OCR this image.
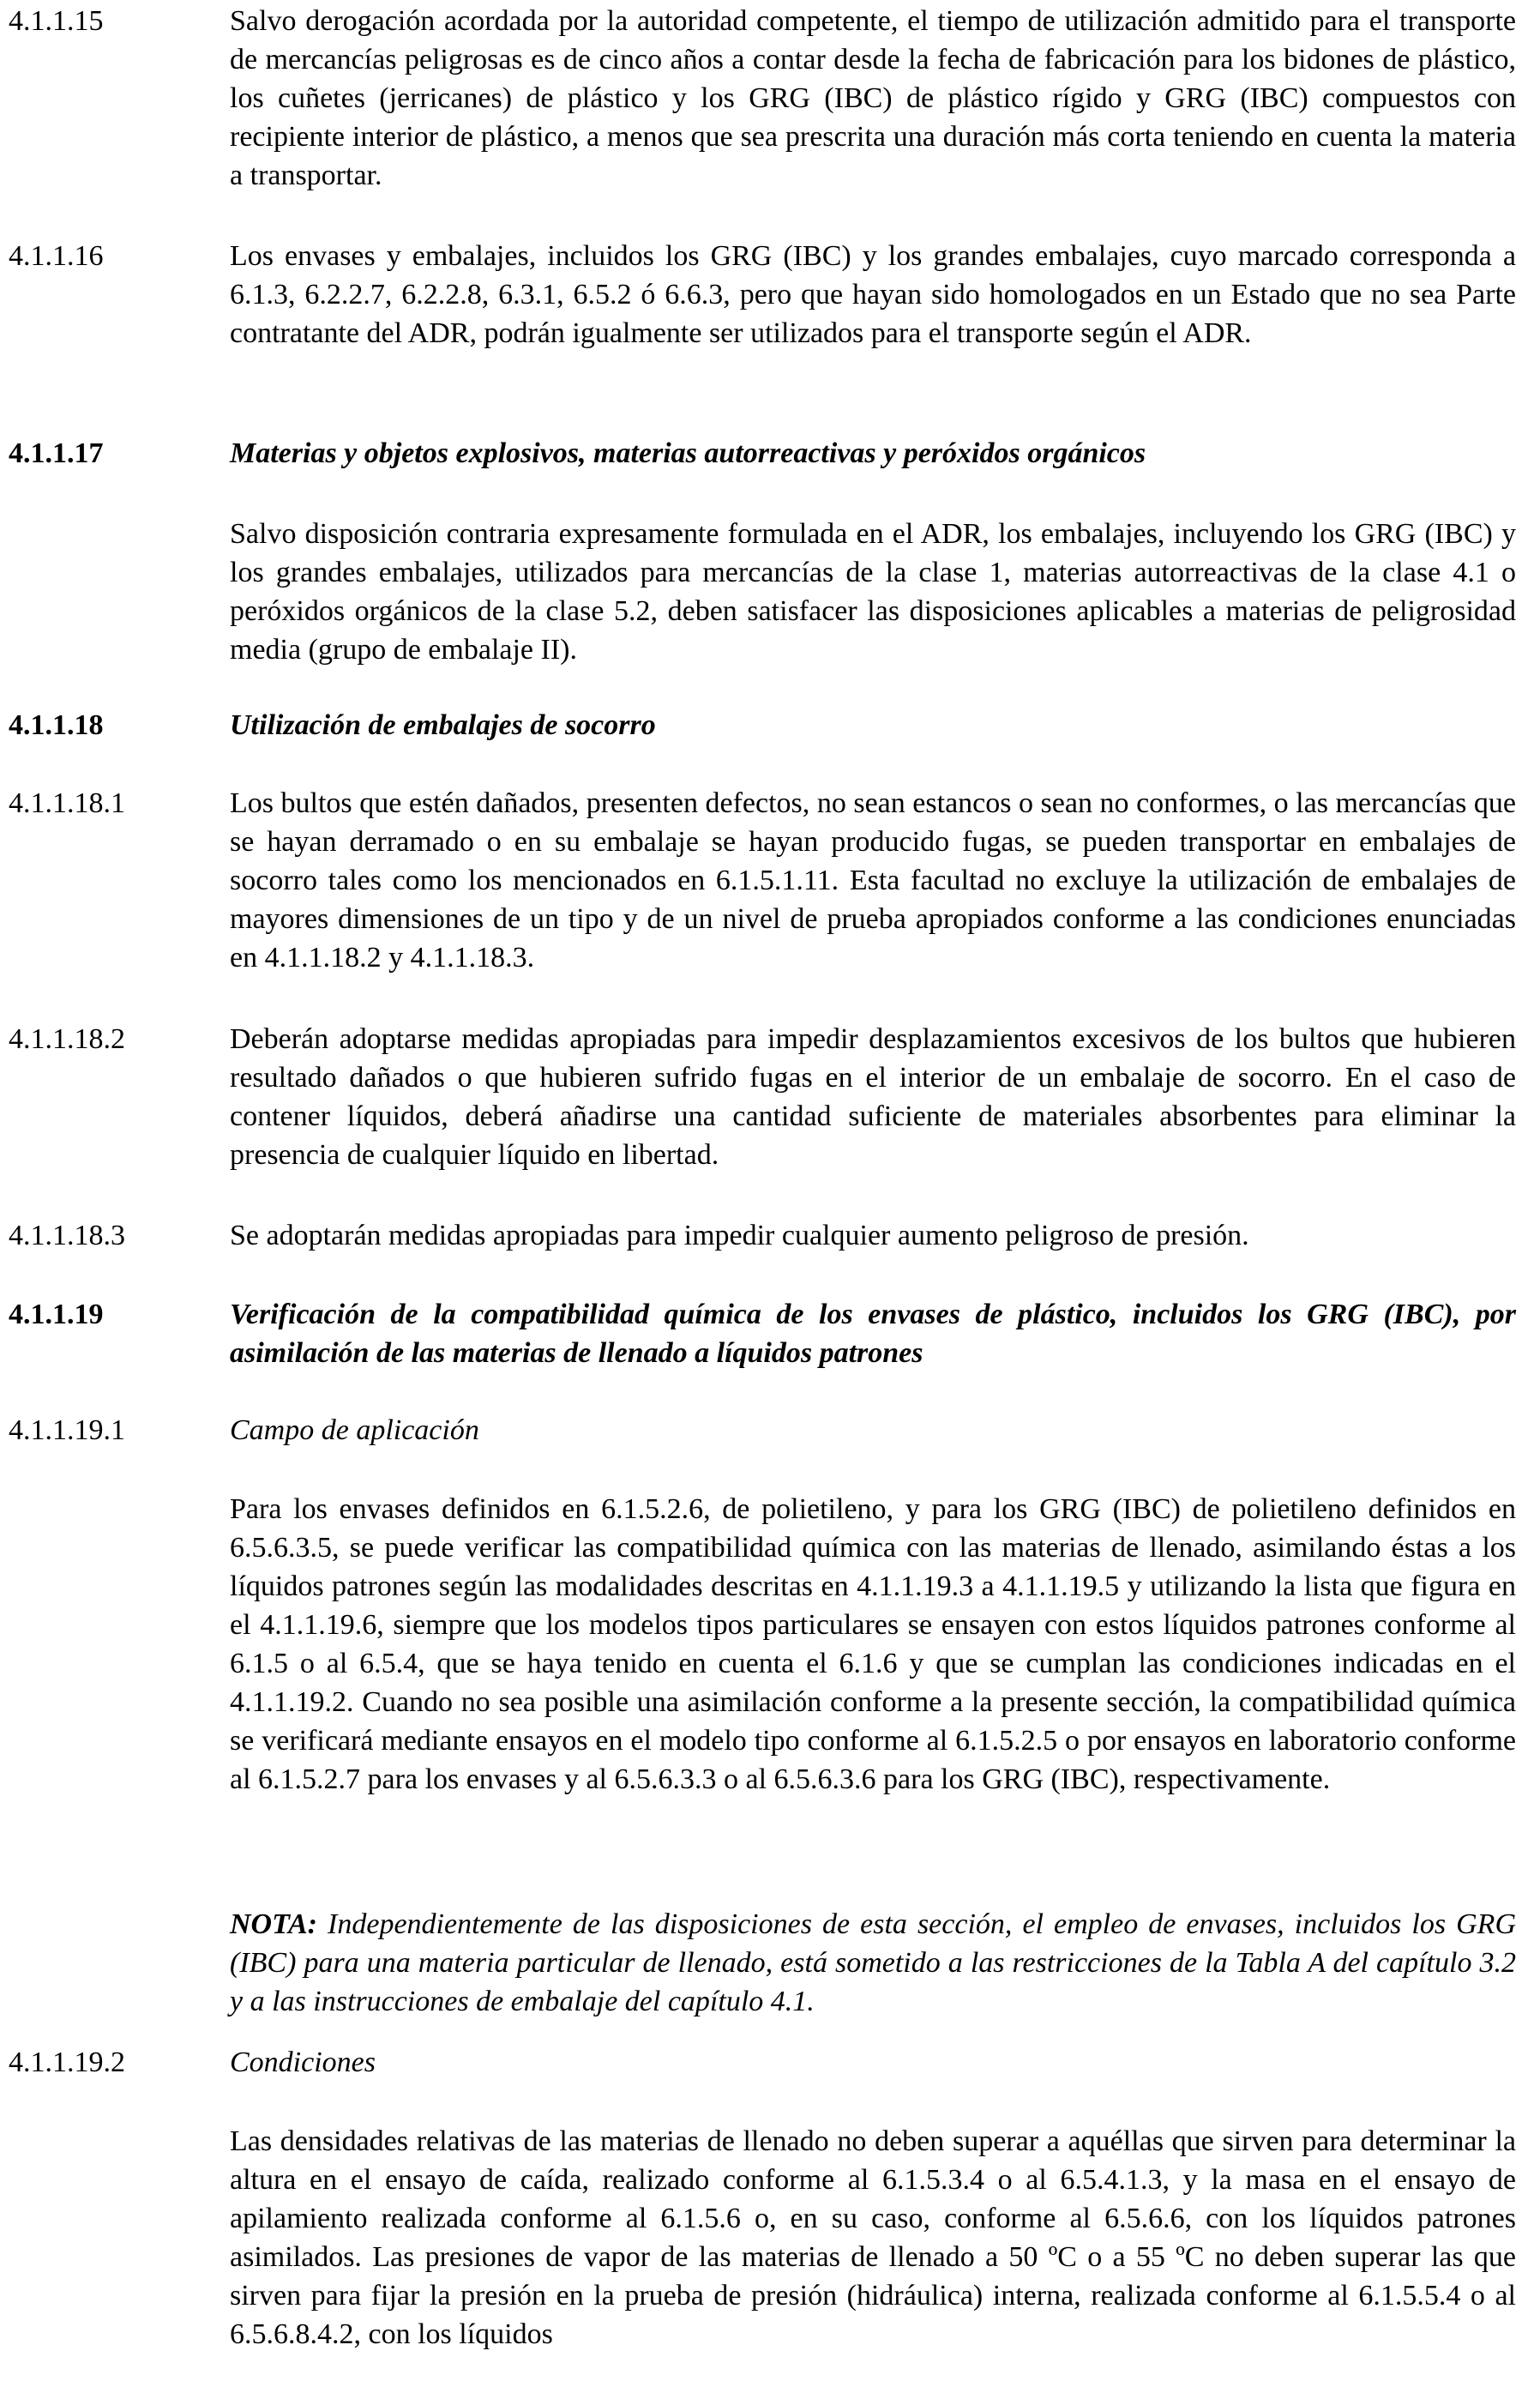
4.1.1.15	Salvo derogación acordada por la autoridad competente, el tiempo de utilización admitido para el transporte de mercancías peligrosas es de cinco años a contar desde la fecha de fabricación para los bidones de plástico, los cuñetes (jerricanes) de plástico y los GRG (IBC) de plástico rígido y GRG (IBC) compuestos con recipiente interior de plástico, a menos que sea prescrita una duración más corta teniendo en cuenta la materia a transportar.
4.1.1.16	Los envases y embalajes, incluidos los GRG (IBC) y los grandes embalajes, cuyo marcado corresponda a 6.1.3, 6.2.2.7, 6.2.2.8, 6.3.1, 6.5.2 ó 6.6.3, pero que hayan sido homologados en un Estado que no sea Parte contratante del ADR, podrán igualmente ser utilizados para el transporte según el ADR.
4.1.1.17	Materias y objetos explosivos, materias autorreactivas y peróxidos orgánicos
Salvo disposición contraria expresamente formulada en el ADR, los embalajes, incluyendo los GRG (IBC) y los grandes embalajes, utilizados para mercancías de la clase 1, materias autorreactivas de la clase 4.1 o peróxidos orgánicos de la clase 5.2, deben satisfacer las disposiciones aplicables a materias de peligrosidad media (grupo de embalaje II).
4.1.1.18	Utilización de embalajes de socorro
4.1.1.18.1	Los bultos que estén dañados, presenten defectos, no sean estancos o sean no conformes, o las mercancías que se hayan derramado o en su embalaje se hayan producido fugas, se pueden transportar en embalajes de socorro tales como los mencionados en 6.1.5.1.11. Esta facultad no excluye la utilización de embalajes de mayores dimensiones de un tipo y de un nivel de prueba apropiados conforme a las condiciones enunciadas en 4.1.1.18.2 y 4.1.1.18.3.
4.1.1.18.2	Deberán adoptarse medidas apropiadas para impedir desplazamientos excesivos de los bultos que hubieren resultado dañados o que hubieren sufrido fugas en el interior de un embalaje de socorro. En el caso de contener líquidos, deberá añadirse una cantidad suficiente de materiales absorbentes para eliminar la presencia de cualquier líquido en libertad.
4.1.1.18.3	Se adoptarán medidas apropiadas para impedir cualquier aumento peligroso de presión.
4.1.1.19	Verificación de la compatibilidad química de los envases de plástico, incluidos los GRG (IBC), por asimilación de las materias de llenado a líquidos patrones
4.1.1.19.1	Campo de aplicación
Para los envases definidos en 6.1.5.2.6, de polietileno, y para los GRG (IBC) de polietileno definidos en 6.5.6.3.5, se puede verificar las compatibilidad química con las materias de llenado, asimilando éstas a los líquidos patrones según las modalidades descritas en 4.1.1.19.3 a 4.1.1.19.5 y utilizando la lista que figura en el 4.1.1.19.6, siempre que los modelos tipos particulares se ensayen con estos líquidos patrones conforme al 6.1.5 o al 6.5.4, que se haya tenido en cuenta el 6.1.6 y que se cumplan las condiciones indicadas en el 4.1.1.19.2. Cuando no sea posible una asimilación conforme a la presente sección, la compatibilidad química se verificará mediante ensayos en el modelo tipo conforme al 6.1.5.2.5 o por ensayos en laboratorio conforme al 6.1.5.2.7 para los envases y al 6.5.6.3.3 o al 6.5.6.3.6 para los GRG (IBC), respectivamente.
NOTA: Independientemente de las disposiciones de esta sección, el empleo de envases, incluidos los GRG (IBC) para una materia particular de llenado, está sometido a las restricciones de la Tabla A del capítulo 3.2 y a las instrucciones de embalaje del capítulo 4.1.
4.1.1.19.2	Condiciones
Las densidades relativas de las materias de llenado no deben superar a aquéllas que sirven para determinar la altura en el ensayo de caída, realizado conforme al 6.1.5.3.4 o al 6.5.4.1.3, y la masa en el ensayo de apilamiento realizada conforme al 6.1.5.6 o, en su caso, conforme al 6.5.6.6, con los líquidos patrones asimilados. Las presiones de vapor de las materias de llenado a 50 ºC o a 55 ºC no deben superar las que sirven para fijar la presión en la prueba de presión (hidráulica) interna, realizada conforme al 6.1.5.5.4 o al 6.5.6.8.4.2, con los líquidos
